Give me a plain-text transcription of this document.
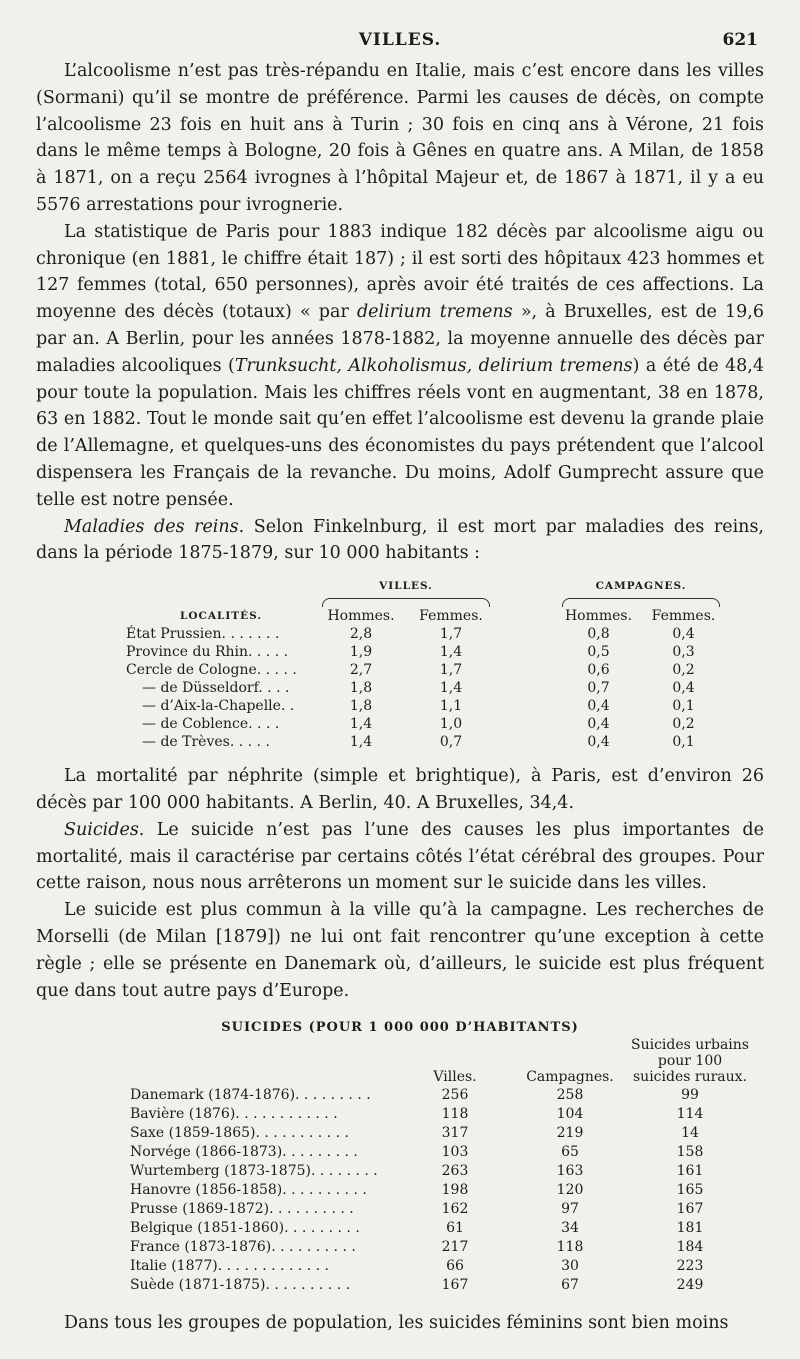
VILLES.	621

L’alcoolisme n’est pas très-répandu en Italie, mais c’est encore dans les villes (Sormani) qu’il se montre de préférence. Parmi les causes de décès, on compte l’alcoolisme 23 fois en huit ans à Turin ; 30 fois en cinq ans à Vérone, 21 fois dans le même temps à Bologne, 20 fois à Gênes en quatre ans. A Milan, de 1858 à 1871, on a reçu 2564 ivrognes à l’hôpital Majeur et, de 1867 à 1871, il y a eu 5576 arrestations pour ivrognerie.

La statistique de Paris pour 1883 indique 182 décès par alcoolisme aigu ou chronique (en 1881, le chiffre était 187) ; il est sorti des hôpitaux 423 hommes et 127 femmes (total, 650 personnes), après avoir été traités de ces affections. La moyenne des décès (totaux) « par delirium tremens », à Bruxelles, est de 19,6 par an. A Berlin, pour les années 1878-1882, la moyenne annuelle des décès par maladies alcooliques (Trunksucht, Alkoholismus, delirium tremens) a été de 48,4 pour toute la population. Mais les chiffres réels vont en augmentant, 38 en 1878, 63 en 1882. Tout le monde sait qu’en effet l’alcoolisme est devenu la grande plaie de l’Allemagne, et quelques-uns des économistes du pays prétendent que l’alcool dispensera les Français de la revanche. Du moins, Adolf Gumprecht assure que telle est notre pensée.

Maladies des reins. Selon Finkelnburg, il est mort par maladies des reins, dans la période 1875-1879, sur 10 000 habitants :

	VILLES.			CAMPAGNES.	

LOCALITÉS.	Hommes.	Femmes.		Hommes.	Femmes.
État Prussien. . . . . . .	2,8	1,7		0,8	0,4
Province du Rhin. . . . .	1,9	1,4		0,5	0,3
Cercle de Cologne. . . . .	2,7	1,7		0,6	0,2
— de Düsseldorf. . . .	1,8	1,4		0,7	0,4
— d’Aix-la-Chapelle. .	1,8	1,1		0,4	0,1
— de Coblence. . . .	1,4	1,0		0,4	0,2
— de Trèves. . . . .	1,4	0,7		0,4	0,1

La mortalité par néphrite (simple et brightique), à Paris, est d’environ 26 décès par 100 000 habitants. A Berlin, 40. A Bruxelles, 34,4.

Suicides. Le suicide n’est pas l’une des causes les plus importantes de mortalité, mais il caractérise par certains côtés l’état cérébral des groupes. Pour cette raison, nous nous arrêterons un moment sur le suicide dans les villes.

Le suicide est plus commun à la ville qu’à la campagne. Les recherches de Morselli (de Milan [1879]) ne lui ont fait rencontrer qu’une exception à cette règle ; elle se présente en Danemark où, d’ailleurs, le suicide est plus fréquent que dans tout autre pays d’Europe.

SUICIDES (POUR 1 000 000 D’HABITANTS)
	Villes.	Campagnes.	Suicides urbains
pour 100
suicides ruraux.

Danemark (1874-1876). . . . . . . . .	256	258	99
Bavière (1876). . . . . . . . . . . .	118	104	114
Saxe (1859-1865). . . . . . . . . . .	317	219	14
Norvége (1866-1873). . . . . . . . .	103	65	158
Wurtemberg (1873-1875). . . . . . . .	263	163	161
Hanovre (1856-1858). . . . . . . . . .	198	120	165
Prusse (1869-1872). . . . . . . . . .	162	97	167
Belgique (1851-1860). . . . . . . . .	61	34	181
France (1873-1876). . . . . . . . . .	217	118	184
Italie (1877). . . . . . . . . . . . .	66	30	223
Suède (1871-1875). . . . . . . . . .	167	67	249

Dans tous les groupes de population, les suicides féminins sont bien moins
